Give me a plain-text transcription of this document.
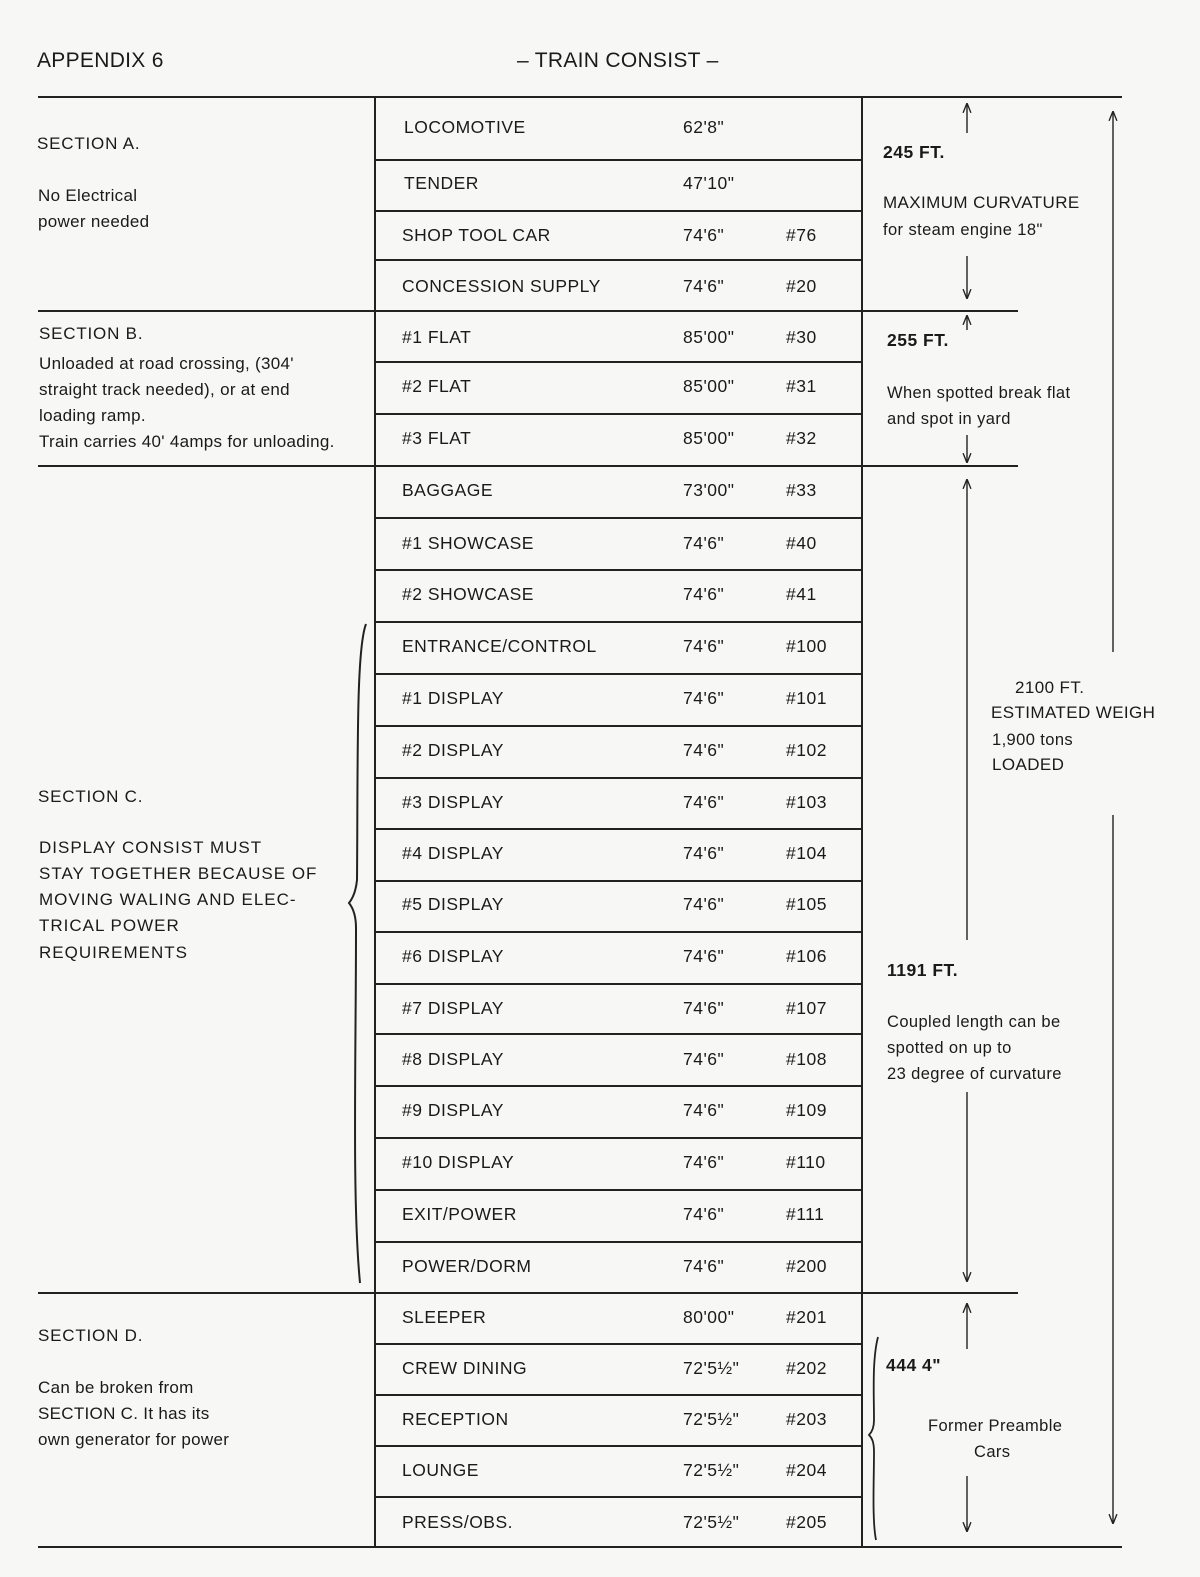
APPENDIX 6	– TRAIN CONSIST –
LOCOMOTIVE	62'8"
TENDER	47'10"
SHOP TOOL CAR	74'6"	#76
CONCESSION SUPPLY	74'6"	#20
#1 FLAT	85'00"	#30
#2 FLAT	85'00"	#31
#3 FLAT	85'00"	#32
BAGGAGE	73'00"	#33
#1 SHOWCASE	74'6"	#40
#2 SHOWCASE	74'6"	#41
ENTRANCE/CONTROL	74'6"	#100
#1 DISPLAY	74'6"	#101
#2 DISPLAY	74'6"	#102
#3 DISPLAY	74'6"	#103
#4 DISPLAY	74'6"	#104
#5 DISPLAY	74'6"	#105
#6 DISPLAY	74'6"	#106
#7 DISPLAY	74'6"	#107
#8 DISPLAY	74'6"	#108
#9 DISPLAY	74'6"	#109
#10 DISPLAY	74'6"	#110
EXIT/POWER	74'6"	#111
POWER/DORM	74'6"	#200
SLEEPER	80'00"	#201
CREW DINING	72'5½"	#202
RECEPTION	72'5½"	#203
LOUNGE	72'5½"	#204
PRESS/OBS.	72'5½"	#205
SECTION A.
No Electrical
power needed
SECTION B.
Unloaded at road crossing, (304'
straight track needed), or at end
loading ramp.
Train carries 40' 4amps for unloading.
SECTION C.
DISPLAY CONSIST MUST
STAY TOGETHER BECAUSE OF
MOVING WALING AND ELEC-
TRICAL POWER
REQUIREMENTS
SECTION D.
Can be broken from
SECTION C. It has its
own generator for power
245 FT.
MAXIMUM CURVATURE
for steam engine 18"
255 FT.
When spotted break flat
and spot in yard
2100 FT.
ESTIMATED WEIGH
1,900 tons
LOADED
1191 FT.
Coupled length can be
spotted on up to
23 degree of curvature
444 4"
Former Preamble
Cars
